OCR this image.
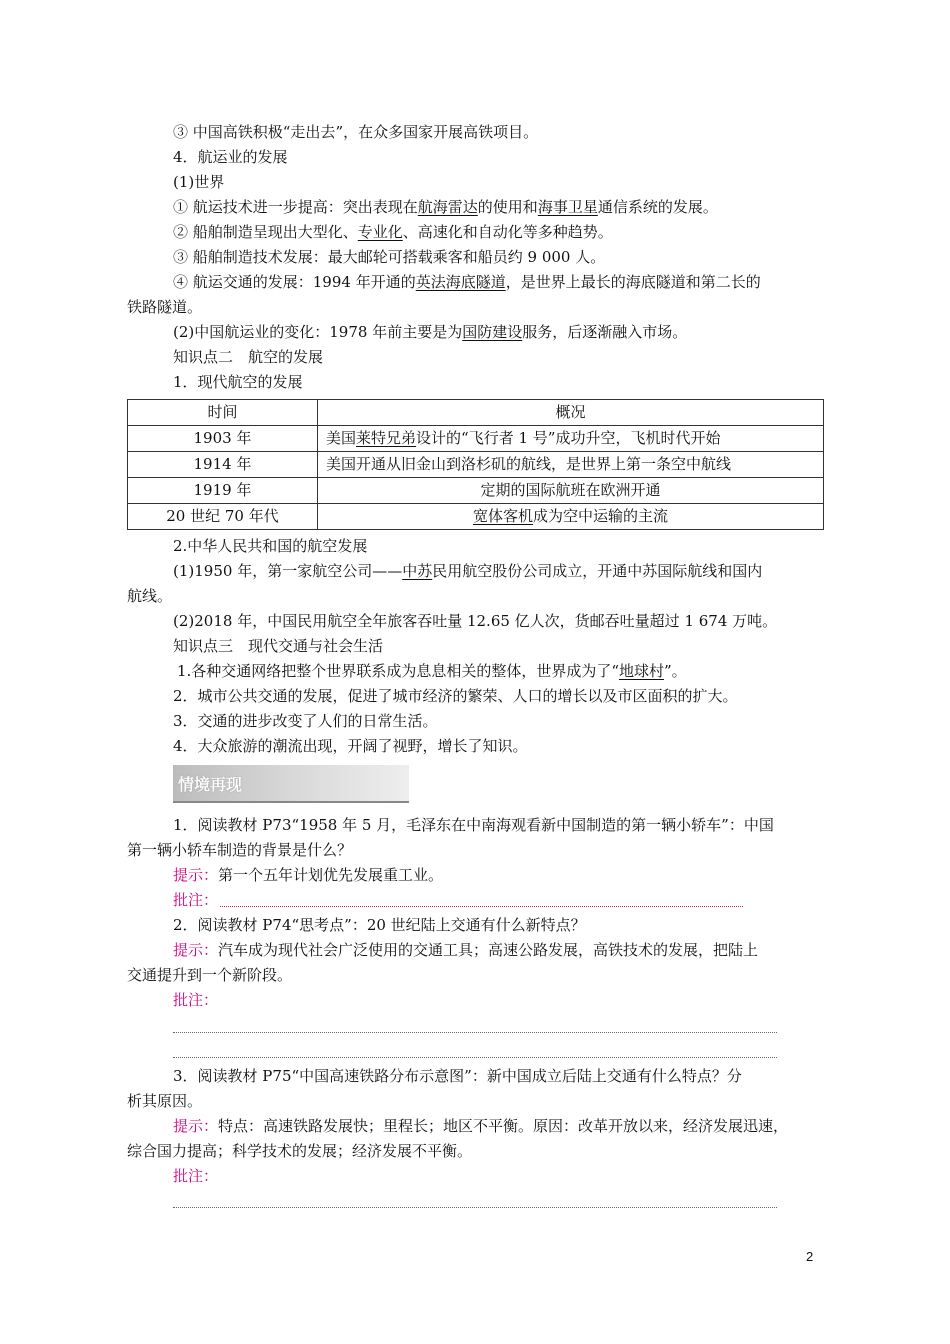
③ 中国高铁积极“走出去”，在众多国家开展高铁项目。
4．航运业的发展
(1)世界
① 航运技术进一步提高：突出表现在航海雷达的使用和海事卫星通信系统的发展。
② 船舶制造呈现出大型化、专业化、高速化和自动化等多种趋势。
③ 船舶制造技术发展：最大邮轮可搭载乘客和船员约 9 000 人。
④ 航运交通的发展：1994 年开通的英法海底隧道，是世界上最长的海底隧道和第二长的
铁路隧道。
(2)中国航运业的变化：1978 年前主要是为国防建设服务，后逐渐融入市场。
知识点二　航空的发展
1．现代航空的发展
时间	概况
1903 年	美国莱特兄弟设计的“飞行者 1 号”成功升空，飞机时代开始
1914 年	美国开通从旧金山到洛杉矶的航线，是世界上第一条空中航线
1919 年	定期的国际航班在欧洲开通
20 世纪 70 年代	宽体客机成为空中运输的主流
2.中华人民共和国的航空发展
(1)1950 年，第一家航空公司——中苏民用航空股份公司成立，开通中苏国际航线和国内
航线。
(2)2018 年，中国民用航空全年旅客吞吐量 12.65 亿人次，货邮吞吐量超过 1 674 万吨。
知识点三　现代交通与社会生活
1.各种交通网络把整个世界联系成为息息相关的整体，世界成为了“地球村”。
2．城市公共交通的发展，促进了城市经济的繁荣、人口的增长以及市区面积的扩大。
3．交通的进步改变了人们的日常生活。
4．大众旅游的潮流出现，开阔了视野，增长了知识。
情境再现
1．阅读教材 P73“1958 年 5 月，毛泽东在中南海观看新中国制造的第一辆小轿车”：中国
第一辆小轿车制造的背景是什么？
提示：第一个五年计划优先发展重工业。
批注：
2．阅读教材 P74“思考点”：20 世纪陆上交通有什么新特点？
提示：汽车成为现代社会广泛使用的交通工具；高速公路发展，高铁技术的发展，把陆上
交通提升到一个新阶段。
批注：
3．阅读教材 P75“中国高速铁路分布示意图”：新中国成立后陆上交通有什么特点？分
析其原因。
提示：特点：高速铁路发展快；里程长；地区不平衡。原因：改革开放以来，经济发展迅速，
综合国力提高；科学技术的发展；经济发展不平衡。
批注：
2
